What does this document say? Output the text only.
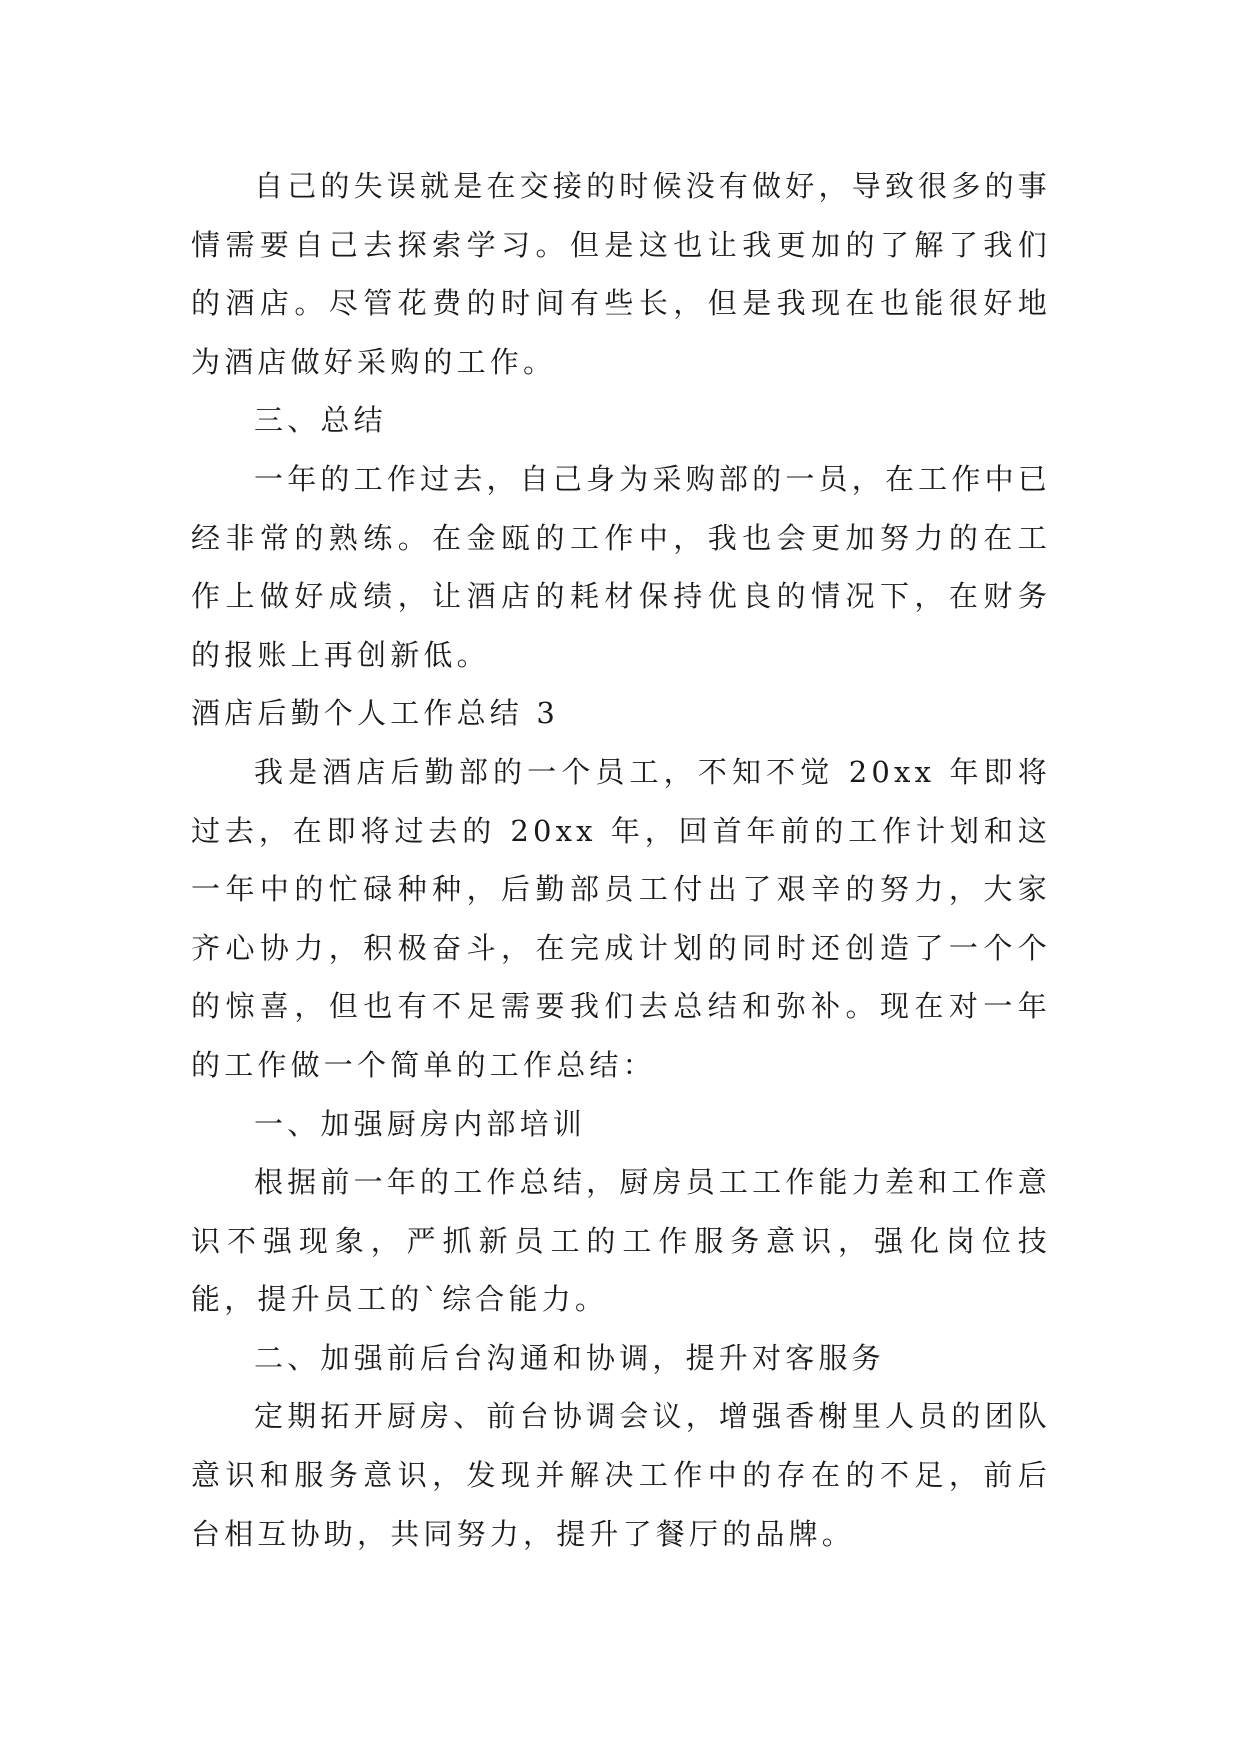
自己的失误就是在交接的时候没有做好，导致很多的事情需要自己去探索学习。但是这也让我更加的了解了我们的酒店。尽管花费的时间有些长，但是我现在也能很好地为酒店做好采购的工作。

三、总结

一年的工作过去，自己身为采购部的一员，在工作中已经非常的熟练。在金瓯的工作中，我也会更加努力的在工作上做好成绩，让酒店的耗材保持优良的情况下，在财务的报账上再创新低。

酒店后勤个人工作总结 3

我是酒店后勤部的一个员工，不知不觉 20xx 年即将过去，在即将过去的 20xx 年，回首年前的工作计划和这一年中的忙碌种种，后勤部员工付出了艰辛的努力，大家齐心协力，积极奋斗，在完成计划的同时还创造了一个个的惊喜，但也有不足需要我们去总结和弥补。现在对一年的工作做一个简单的工作总结：

一、加强厨房内部培训

根据前一年的工作总结，厨房员工工作能力差和工作意识不强现象，严抓新员工的工作服务意识，强化岗位技能，提升员工的`综合能力。

二、加强前后台沟通和协调，提升对客服务

定期拓开厨房、前台协调会议，增强香榭里人员的团队意识和服务意识，发现并解决工作中的存在的不足，前后台相互协助，共同努力，提升了餐厅的品牌。
